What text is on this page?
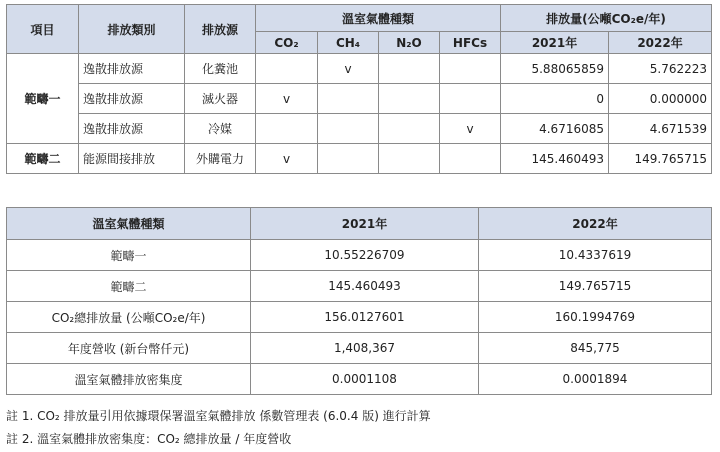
項目	排放類別	排放源	溫室氣體種類				排放量(公噸CO₂e/年)	
			CO₂	CH₄	N₂O	HFCs	2021年	2022年
範疇一	逸散排放源	化糞池		v			5.88065859	5.762223
	逸散排放源	滅火器	v				0	0.000000
	逸散排放源	冷媒				v	4.6716085	4.671539
範疇二	能源間接排放	外購電力	v				145.460493	149.765715
溫室氣體種類	2021年	2022年
範疇一	10.55226709	10.4337619
範疇二	145.460493	149.765715
CO₂總排放量 (公噸CO₂e/年)	156.0127601	160.1994769
年度營收 (新台幣仟元)	1,408,367	845,775
溫室氣體排放密集度	0.0001108	0.0001894
註 1. CO₂ 排放量引用依據環保署溫室氣體排放 係數管理表 (6.0.4 版) 進行計算
註 2. 溫室氣體排放密集度：CO₂ 總排放量 / 年度營收
